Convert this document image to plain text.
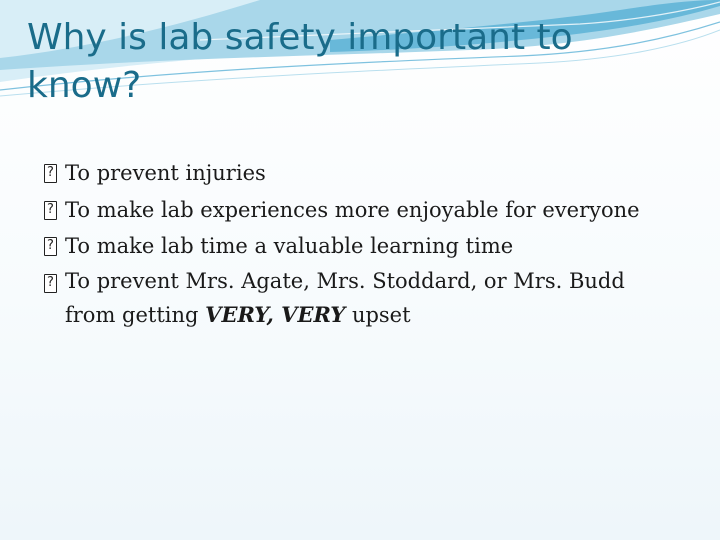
Why is lab safety important to know?
?
To prevent injuries
?
To make lab experiences more enjoyable for everyone
?
To make lab time a valuable learning time
?
To prevent Mrs. Agate, Mrs. Stoddard, or Mrs. Budd
from getting VERY, VERY upset
